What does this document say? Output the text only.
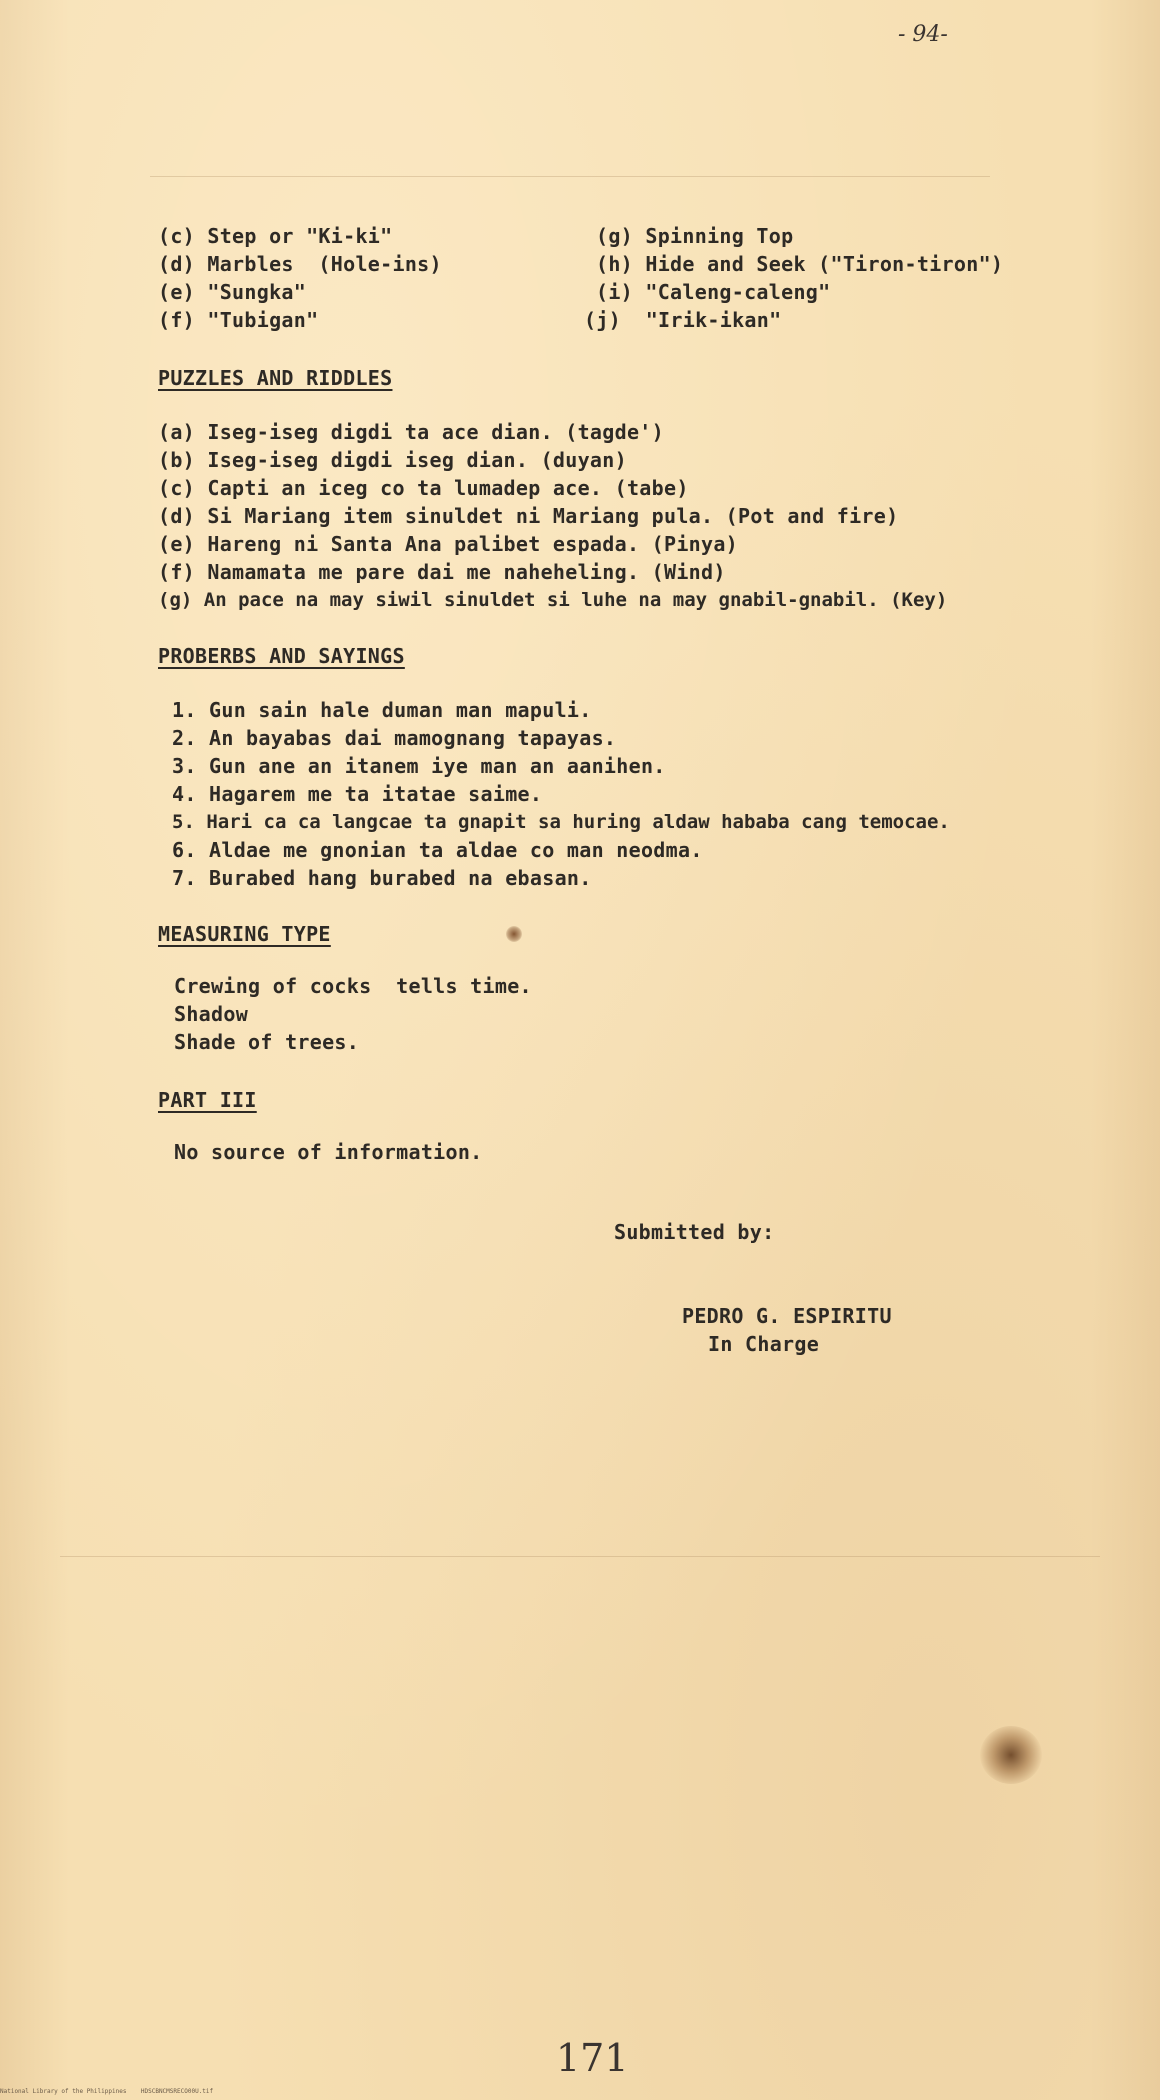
- 94-
(c) Step or "Ki-ki"
(d) Marbles  (Hole-ins)
(e) "Sungka"
(f) "Tubigan"
(g) Spinning Top
(h) Hide and Seek ("Tiron-tiron")
(i) "Caleng-caleng"
(j)  "Irik-ikan"
PUZZLES AND RIDDLES
(a) Iseg-iseg digdi ta ace dian. (tagde')
(b) Iseg-iseg digdi iseg dian. (duyan)
(c) Capti an iceg co ta lumadep ace. (tabe)
(d) Si Mariang item sinuldet ni Mariang pula. (Pot and fire)
(e) Hareng ni Santa Ana palibet espada. (Pinya)
(f) Namamata me pare dai me naheheling. (Wind)
(g) An pace na may siwil sinuldet si luhe na may gnabil-gnabil. (Key)
PROBERBS AND SAYINGS
1. Gun sain hale duman man mapuli.
2. An bayabas dai mamognang tapayas.
3. Gun ane an itanem iye man an aanihen.
4. Hagarem me ta itatae saime.
5. Hari ca ca langcae ta gnapit sa huring aldaw hababa cang temocae.
6. Aldae me gnonian ta aldae co man neodma.
7. Burabed hang burabed na ebasan.
MEASURING TYPE
Crewing of cocks  tells time.
Shadow
Shade of trees.
PART III
No source of information.
Submitted by:
PEDRO G. ESPIRITU
In Charge
171
National Library of the Philippines    HDSCBNCMSRECO00U.tif
